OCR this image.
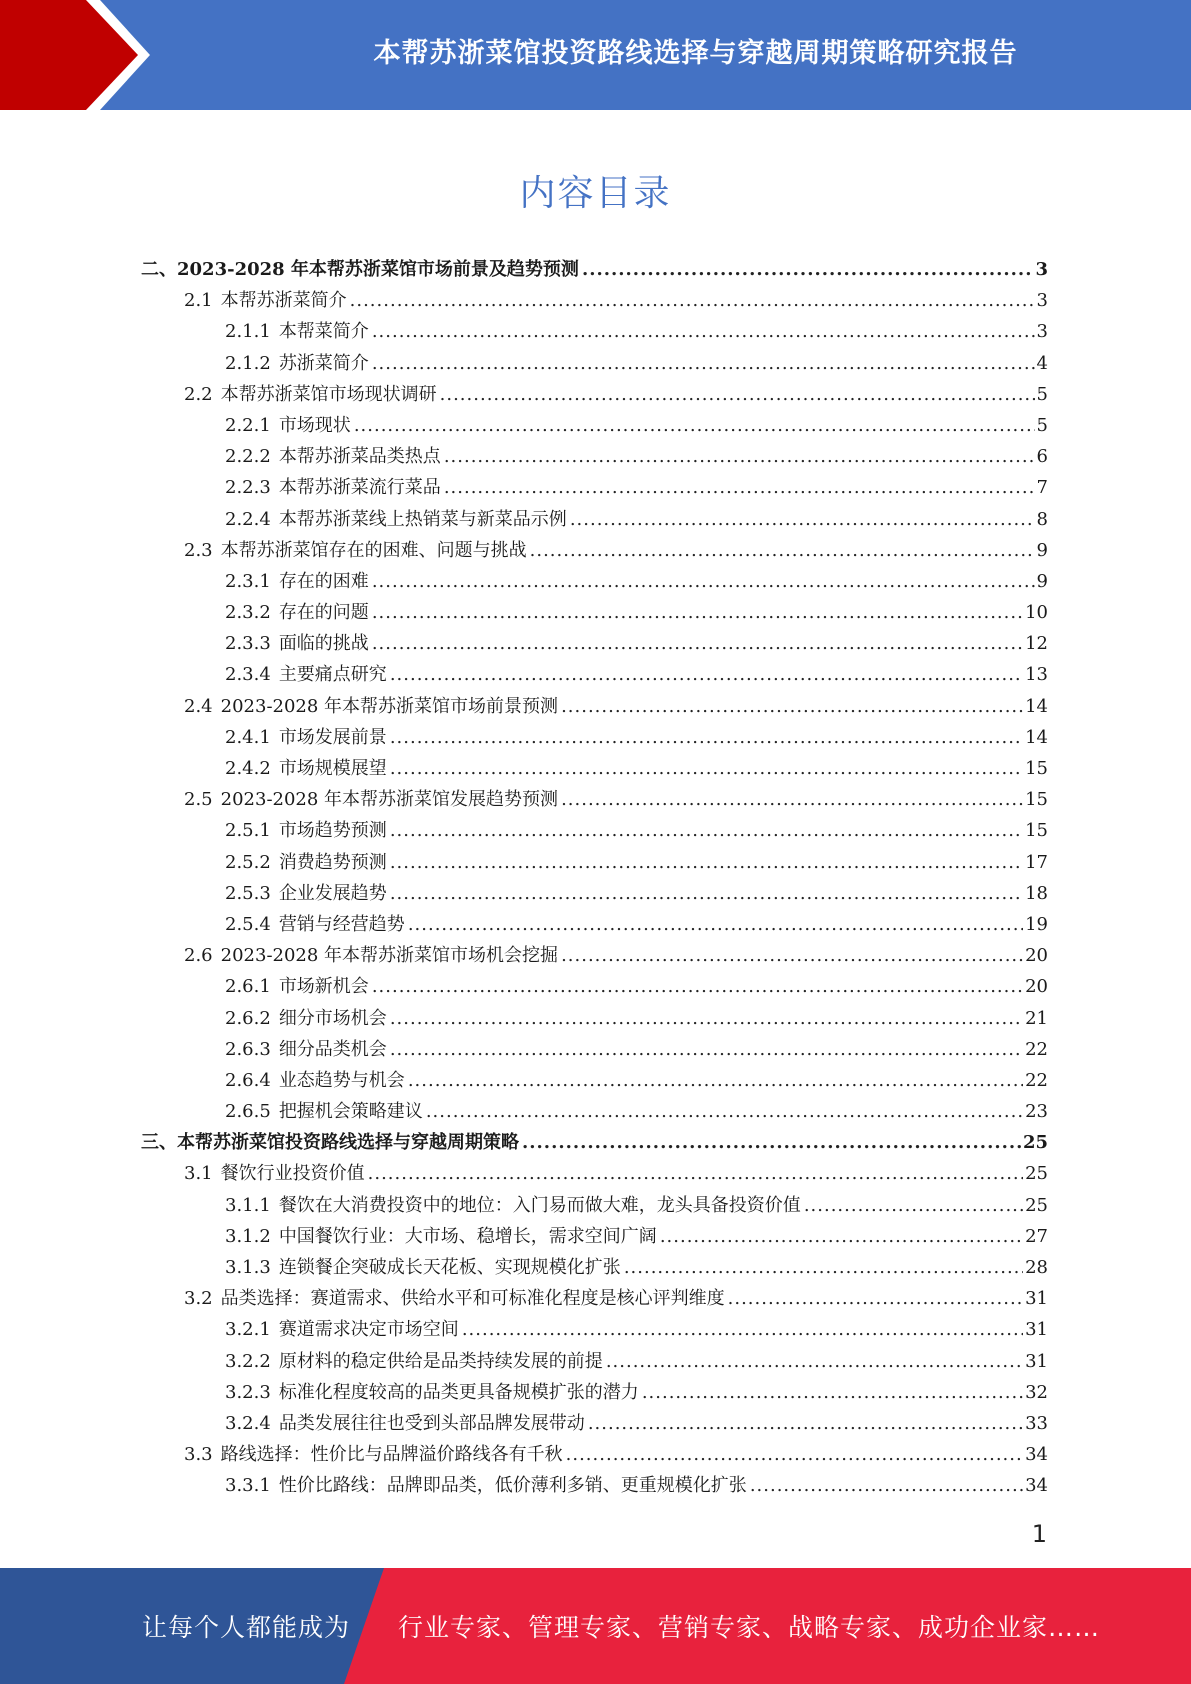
本帮苏浙菜馆投资路线选择与穿越周期策略研究报告
内容目录
二、 2023-2028 年本帮苏浙菜馆市场前景及趋势预测 .....	3
2.1 本帮苏浙菜简介 .....	3
2.1.1 本帮菜简介 .....	3
2.1.2 苏浙菜简介 .....	4
2.2 本帮苏浙菜馆市场现状调研 .....	5
2.2.1 市场现状 .....	5
2.2.2 本帮苏浙菜品类热点 .....	6
2.2.3 本帮苏浙菜流行菜品 .....	7
2.2.4 本帮苏浙菜线上热销菜与新菜品示例 .....	8
2.3 本帮苏浙菜馆存在的困难、问题与挑战 .....	9
2.3.1 存在的困难 .....	9
2.3.2 存在的问题 .....	10
2.3.3 面临的挑战 .....	12
2.3.4 主要痛点研究 .....	13
2.4 2023-2028 年本帮苏浙菜馆市场前景预测 .....	14
2.4.1 市场发展前景 .....	14
2.4.2 市场规模展望 .....	15
2.5 2023-2028 年本帮苏浙菜馆发展趋势预测 .....	15
2.5.1 市场趋势预测 .....	15
2.5.2 消费趋势预测 .....	17
2.5.3 企业发展趋势 .....	18
2.5.4 营销与经营趋势 .....	19
2.6 2023-2028 年本帮苏浙菜馆市场机会挖掘 .....	20
2.6.1 市场新机会 .....	20
2.6.2 细分市场机会 .....	21
2.6.3 细分品类机会 .....	22
2.6.4 业态趋势与机会 .....	22
2.6.5 把握机会策略建议 .....	23
三、 本帮苏浙菜馆投资路线选择与穿越周期策略 .....	25
3.1 餐饮行业投资价值 .....	25
3.1.1 餐饮在大消费投资中的地位：入门易而做大难，龙头具备投资价值 .....	25
3.1.2 中国餐饮行业：大市场、稳增长，需求空间广阔 .....	27
3.1.3 连锁餐企突破成长天花板、实现规模化扩张 .....	28
3.2 品类选择：赛道需求、供给水平和可标准化程度是核心评判维度 .....	31
3.2.1 赛道需求决定市场空间 .....	31
3.2.2 原材料的稳定供给是品类持续发展的前提 .....	31
3.2.3 标准化程度较高的品类更具备规模扩张的潜力 .....	32
3.2.4 品类发展往往也受到头部品牌发展带动 .....	33
3.3 路线选择：性价比与品牌溢价路线各有千秋 .....	34
3.3.1 性价比路线：品牌即品类，低价薄利多销、更重规模化扩张 .....	34
1
让每个人都能成为 行业专家、管理专家、营销专家、战略专家、成功企业家……
